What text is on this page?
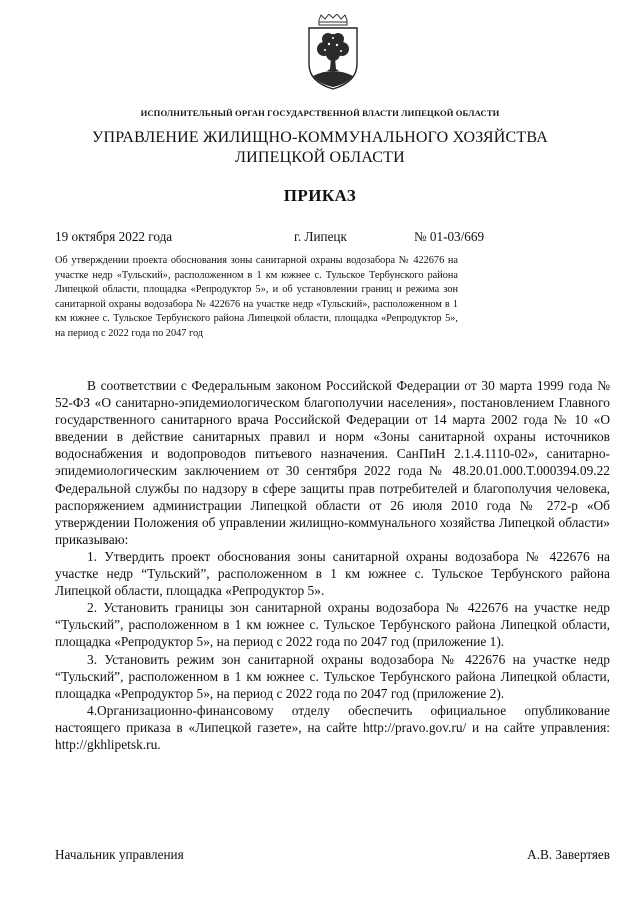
ИСПОЛНИТЕЛЬНЫЙ ОРГАН ГОСУДАРСТВЕННОЙ ВЛАСТИ ЛИПЕЦКОЙ ОБЛАСТИ
УПРАВЛЕНИЕ ЖИЛИЩНО-КОММУНАЛЬНОГО ХОЗЯЙСТВА
ЛИПЕЦКОЙ ОБЛАСТИ
ПРИКАЗ
19 октября 2022 года	г. Липецк	№ 01-03/669
Об утверждении проекта обоснования зоны санитарной охраны водозабора № 422676 на участке недр «Тульский», расположенном в 1 км южнее с. Тульское Тербунского района Липецкой области, площадка «Репродуктор 5», и об установлении границ и режима зон санитарной охраны водозабора № 422676 на участке недр «Тульский», расположенном в 1 км южнее с. Тульское Тербунского района Липецкой области, площадка «Репродуктор 5», на период с 2022 года по 2047 год

В соответствии с Федеральным законом Российской Федерации от 30 марта 1999 года № 52-ФЗ «О санитарно-эпидемиологическом благополучии населения», постановлением Главного государственного санитарного врача Российской Федерации от 14 марта 2002 года № 10 «О введении в действие санитарных правил и норм «Зоны санитарной охраны источников водоснабжения и водопроводов питьевого назначения. СанПиН 2.1.4.1110-02», санитарно-эпидемиологическим заключением от 30 сентября 2022 года № 48.20.01.000.Т.000394.09.22 Федеральной службы по надзору в сфере защиты прав потребителей и благополучия человека, распоряжением администрации Липецкой области от 26 июля 2010 года № 272-р «Об утверждении Положения об управлении жилищно-коммунального хозяйства Липецкой области» приказываю:

1. Утвердить проект обоснования зоны санитарной охраны водозабора № 422676 на участке недр “Тульский”, расположенном в 1 км южнее с. Тульское Тербунского района Липецкой области, площадка «Репродуктор 5».

2. Установить границы зон санитарной охраны водозабора № 422676 на участке недр “Тульский”, расположенном в 1 км южнее с. Тульское Тербунского района Липецкой области, площадка «Репродуктор 5», на период с 2022 года по 2047 год (приложение 1).

3. Установить режим зон санитарной охраны водозабора № 422676 на участке недр “Тульский”, расположенном в 1 км южнее с. Тульское Тербунского района Липецкой области, площадка «Репродуктор 5», на период с 2022 года по 2047 год (приложение 2).

4.Организационно-финансовому отделу обеспечить официальное опубликование настоящего приказа в «Липецкой газете», на сайте http://pravo.gov.ru/ и на сайте управления: http://gkhlipetsk.ru.

Начальник управления	А.В. Завертяев
